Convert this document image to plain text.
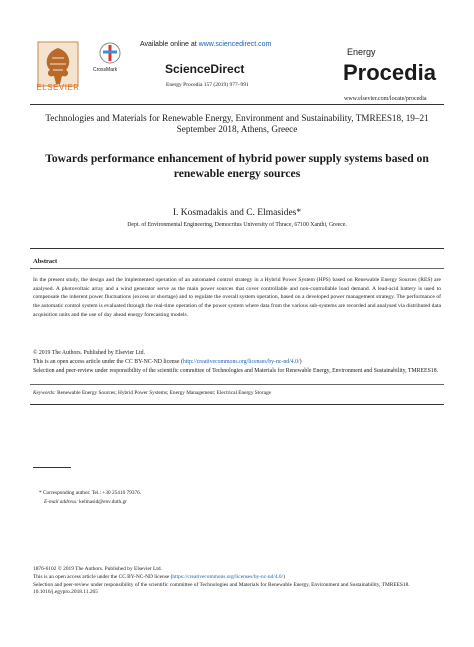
ELSEVIER
CrossMark
Available online at www.sciencedirect.com
ScienceDirect
Energy Procedia 157 (2019) 977–991
Energy
Procedia
www.elsevier.com/locate/procedia
Technologies and Materials for Renewable Energy, Environment and Sustainability, TMREES18, 19–21 September 2018, Athens, Greece
Towards performance enhancement of hybrid power supply systems based on renewable energy sources
I. Kosmadakis and C. Elmasides*
Dept. of Environmental Engineering, Democritus University of Thrace, 67100 Xanthi, Greece.
Abstract
In the present study, the design and the implemented operation of an automated control strategy in a Hybrid Power System (HPS) based on Renewable Energy Sources (RES) are analysed. A photovoltaic array and a wind generator serve as the main power sources that cover controllable and non-controllable load demand. A lead-acid battery is used to compensate the inherent power fluctuations (excess or shortage) and to regulate the overall system operation, based on a developed power management strategy. The performance of the automatic control system is evaluated through the real-time operation of the power system where data from the various sub-systems are recorded and analysed via distributed data acquisition units and the use of day ahead energy forecasting models.
© 2019 The Authors. Published by Elsevier Ltd.
This is an open access article under the CC BY-NC-ND license (http://creativecommons.org/licenses/by-nc-nd/4.0/)
Selection and peer-review under responsibility of the scientific committee of Technologies and Materials for Renewable Energy, Environment and Sustainability, TMREES18.
Keywords: Renewable Energy Sources; Hybrid Power Systems; Energy Management; Electrical Energy Storage
* Corresponding author. Tel.: +30 25410 79376.
E-mail address: kelmasid@env.duth.gr
1876-6102 © 2019 The Authors. Published by Elsevier Ltd.
This is an open access article under the CC BY-NC-ND license (https://creativecommons.org/licenses/by-nc-nd/4.0/)
Selection and peer-review under responsibility of the scientific committee of Technologies and Materials for Renewable Energy, Environment and Sustainability, TMREES18.
10.1016/j.egypro.2018.11.265
